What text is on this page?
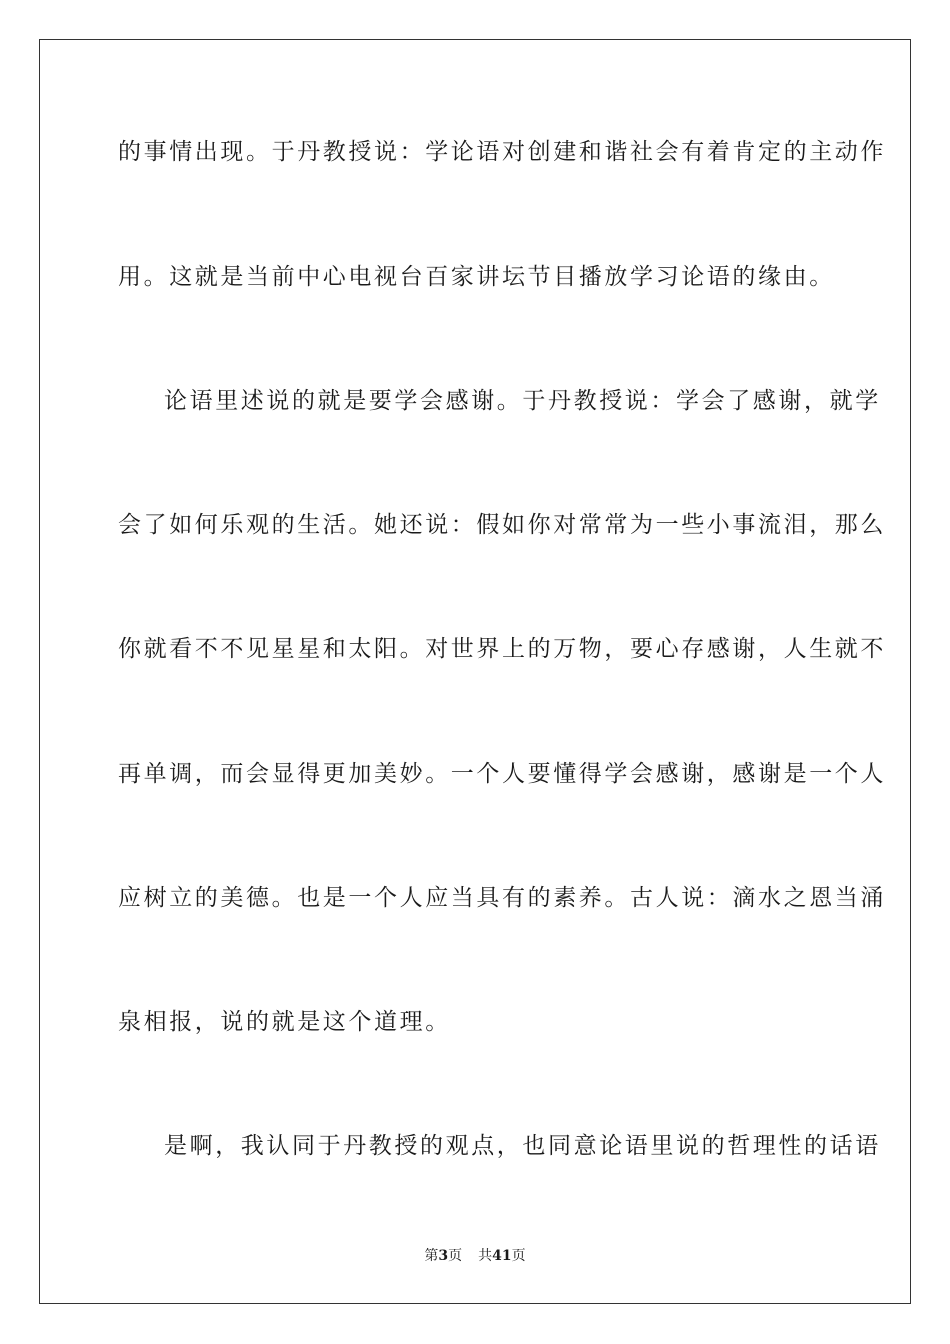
的事情出现。于丹教授说：学论语对创建和谐社会有着肯定的主动作
用。这就是当前中心电视台百家讲坛节目播放学习论语的缘由。
论语里述说的就是要学会感谢。于丹教授说：学会了感谢，就学
会了如何乐观的生活。她还说：假如你对常常为一些小事流泪，那么
你就看不不见星星和太阳。对世界上的万物，要心存感谢，人生就不
再单调，而会显得更加美妙。一个人要懂得学会感谢，感谢是一个人
应树立的美德。也是一个人应当具有的素养。古人说：滴水之恩当涌
泉相报，说的就是这个道理。
是啊，我认同于丹教授的观点，也同意论语里说的哲理性的话语
第3页 共41页
